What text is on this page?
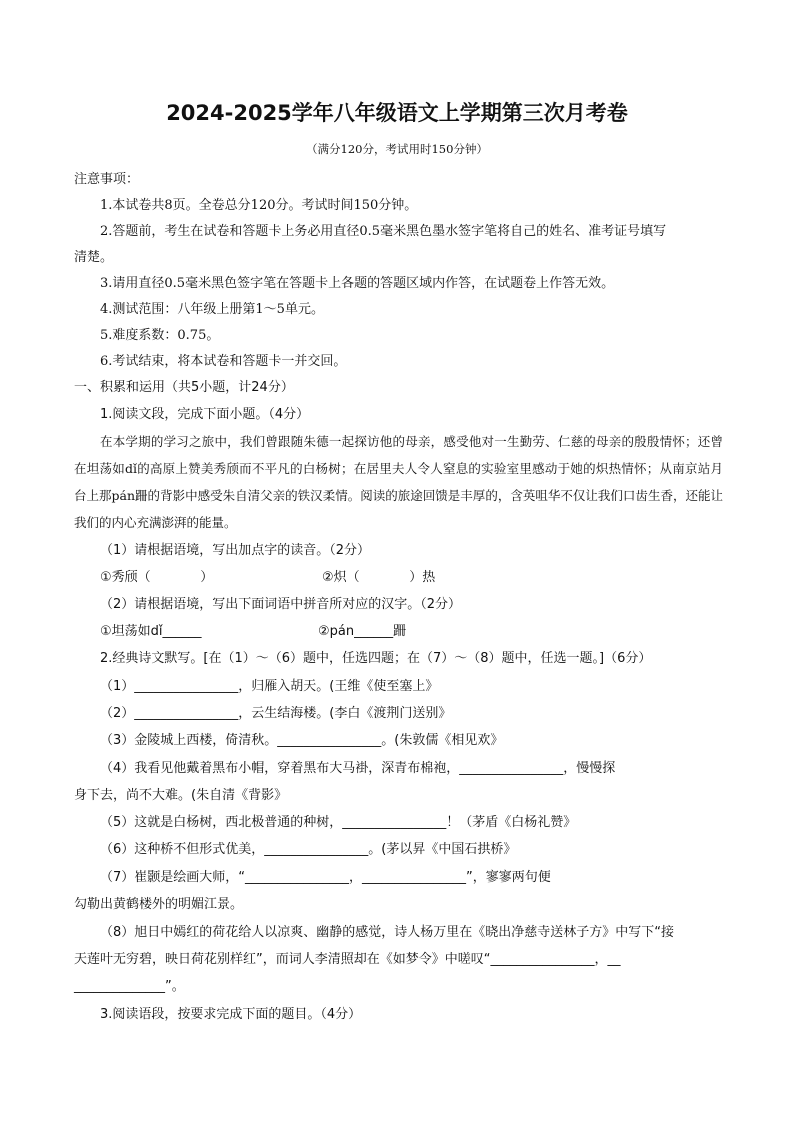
2024-2025学年八年级语文上学期第三次月考卷
（满分120分，考试用时150分钟）
注意事项：
1.本试卷共8页。全卷总分120分。考试时间150分钟。
2.答题前，考生在试卷和答题卡上务必用直径0.5毫米黑色墨水签字笔将自己的姓名、准考证号填写
清楚。
3.请用直径0.5毫米黑色签字笔在答题卡上各题的答题区域内作答，在试题卷上作答无效。
4.测试范围：八年级上册第1～5单元。
5.难度系数：0.75。
6.考试结束，将本试卷和答题卡一并交回。
一、积累和运用（共5小题，计24分）
1.阅读文段，完成下面小题。（4分）
在本学期的学习之旅中，我们曾跟随朱德一起探访他的母亲，感受他对一生勤劳、仁慈的母亲的殷殷情怀；还曾在坦荡如dǐ的高原上赞美秀颀而不平凡的白杨树；在居里夫人令人窒息的实验室里感动于她的炽热情怀；从南京站月台上那pán跚的背影中感受朱自清父亲的铁汉柔情。阅读的旅途回馈是丰厚的，含英咀华不仅让我们口齿生香，还能让我们的内心充满澎湃的能量。
（1）请根据语境，写出加点字的读音。（2分）
①秀颀（            ）	②炽（            ）热
（2）请根据语境，写出下面词语中拼音所对应的汉字。（2分）
①坦荡如dǐ______	②pán______跚
2.经典诗文默写。[在（1）～（6）题中，任选四题；在（7）～（8）题中，任选一题。]（6分）
（1）________________，归雁入胡天。(王维《使至塞上》
（2）________________，云生结海楼。(李白《渡荆门送别》
（3）金陵城上西楼，倚清秋。________________。(朱敦儒《相见欢》
（4）我看见他戴着黑布小帽，穿着黑布大马褂，深青布棉袍，________________，慢慢探
身下去，尚不大难。(朱自清《背影》
（5）这就是白杨树，西北极普通的种树，________________！（茅盾《白杨礼赞》
（6）这种桥不但形式优美，________________。(茅以昇《中国石拱桥》
（7）崔颢是绘画大师，“________________，________________”，寥寥两句便
勾勒出黄鹤楼外的明媚江景。
（8）旭日中嫣红的荷花给人以凉爽、幽静的感觉，诗人杨万里在《晓出净慈寺送林子方》中写下“接
天莲叶无穷碧，映日荷花别样红”，而词人李清照却在《如梦令》中嗟叹“________________，__
______________”。
3.阅读语段，按要求完成下面的题目。（4分）
